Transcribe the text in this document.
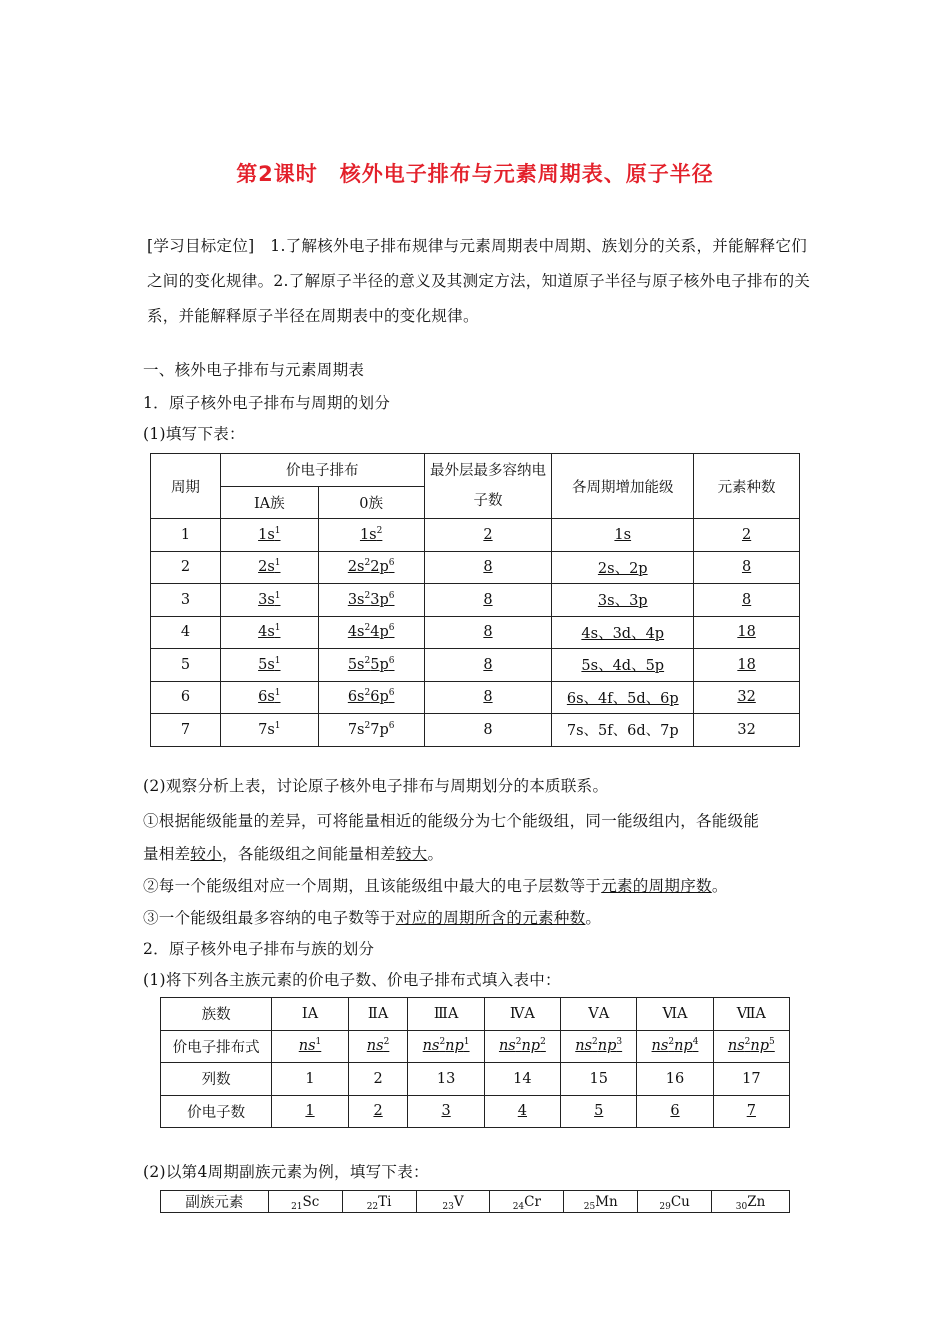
第2课时　核外电子排布与元素周期表、原子半径
[学习目标定位]　1.了解核外电子排布规律与元素周期表中周期、族划分的关系，并能解释它们之间的变化规律。2.了解原子半径的意义及其测定方法，知道原子半径与原子核外电子排布的关系，并能解释原子半径在周期表中的变化规律。
一、核外电子排布与元素周期表
1．原子核外电子排布与周期的划分
(1)填写下表：
周期	价电子排布		最外层最多容纳电子数	各周期增加能级	元素种数
	ⅠA族	0族			
1	$1s^1$	$1s^2$	2	1s	2
2	$2s^1$	$2s^22p^6$	8	2s、2p	8
3	$3s^1$	$3s^23p^6$	8	3s、3p	8
4	$4s^1$	$4s^24p^6$	8	4s、3d、4p	18
5	$5s^1$	$5s^25p^6$	8	5s、4d、5p	18
6	$6s^1$	$6s^26p^6$	8	6s、4f、5d、6p	32
7	$7s^1$	$7s^27p^6$	8	7s、5f、6d、7p	32
(2)观察分析上表，讨论原子核外电子排布与周期划分的本质联系。
①根据能级能量的差异，可将能量相近的能级分为七个能级组，同一能级组内，各能级能
量相差较小，各能级组之间能量相差较大。
②每一个能级组对应一个周期，且该能级组中最大的电子层数等于元素的周期序数。
③一个能级组最多容纳的电子数等于对应的周期所含的元素种数。
2．原子核外电子排布与族的划分
(1)将下列各主族元素的价电子数、价电子排布式填入表中：
族数	ⅠA	ⅡA	ⅢA	ⅣA	ⅤA	ⅥA	ⅦA
价电子排布式	$ns^1$	$ns^2$	$ns^2np^1$	$ns^2np^2$	$ns^2np^3$	$ns^2np^4$	$ns^2np^5$
列数	1	2	13	14	15	16	17
价电子数	1	2	3	4	5	6	7
(2)以第4周期副族元素为例，填写下表：
副族元素	$_{21}$Sc	$_{22}$Ti	$_{23}$V	$_{24}$Cr	$_{25}$Mn	$_{29}$Cu	$_{30}$Zn
